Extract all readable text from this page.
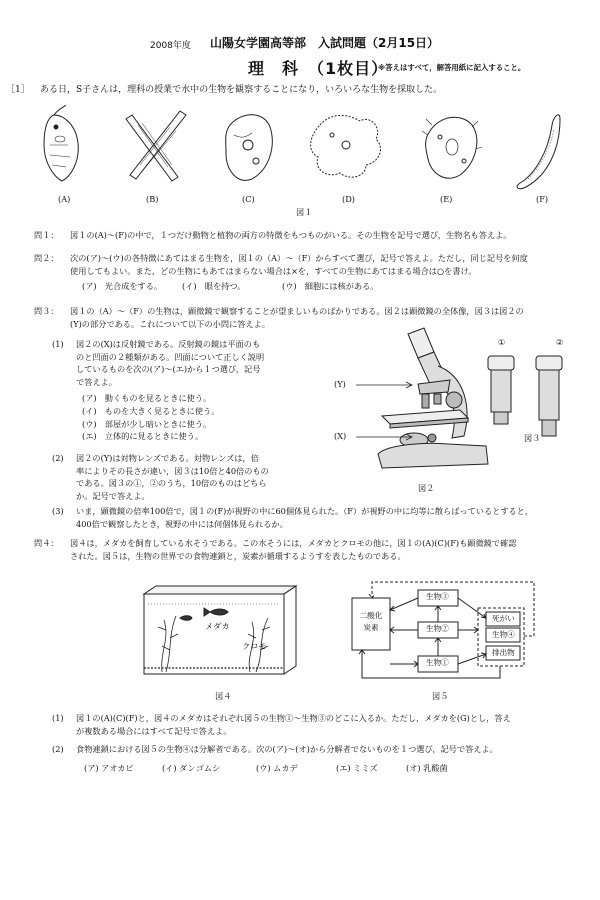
2008年度 山陽女学園高等部　入試問題（2月15日）
理　科　（1枚目）
※答えはすべて，解答用紙に記入すること。
［1］ ある日，S子さんは，理科の授業で水中の生物を観察することになり，いろいろな生物を採取した。
(A)	(B)	(C)	(D)	(E)	(F)
図１
問１： 図１の(A)～(F)の中で，１つだけ動物と植物の両方の特徴をもつものがいる。その生物を記号で選び，生物名も答えよ。
問２： 次の(ア)～(ウ)の各特徴にあてはまる生物を，図１の（A）～（F）からすべて選び，記号で答えよ。ただし，同じ記号を何度
使用してもよい。また，どの生物にもあてはまらない場合は×を，すべての生物にあてはまる場合は○を書け。
(ア)　光合成をする。	(イ)　眼を持つ。	(ウ)　細胞には核がある。
問３： 図１の（A）～（F）の生物は，顕微鏡で観察することが望ましいものばかりである。図２は顕微鏡の全体像，図３は図２の
(Y)の部分である。これについて以下の小問に答えよ。
(1) 図２の(X)は反射鏡である。反射鏡の鏡は平面のも
のと凹面の２種類がある。凹面について正しく説明
しているものを次の(ア)～(エ)から１つ選び，記号
で答えよ。
(ア)　動くものを見るときに使う。
(イ)　ものを大きく見るときに使う。
(ウ)　部屋が少し暗いときに使う。
(エ)　立体的に見るときに使う。
(2) 図２の(Y)は対物レンズである。対物レンズは，倍
率によりその長さが違い，図３は10倍と40倍のもの
である。図３の①，②のうち，10倍のものはどちら
か。記号で答えよ。
(Y)
(X)
図２
①	②
図３
(3) いま，顕微鏡の倍率100倍で，図１の(F)が視野の中に60個体見られた。（F）が視野の中に均等に散らばっているとすると，
400倍で観察したとき，視野の中には何個体見られるか。
問４： 図４は，メダカを飼育している水そうである。この水そうには，メダカとクロモの他に，図１の(A)(C)(F)も顕微鏡で確認
された。図５は，生物の世界での食物連鎖と，炭素が循環するようすを表したものである。
メダカ
クロモ
図４
二酸化
炭素
生物③
生物②
生物①
死がい
生物④
排出物
図５
(1) 図１の(A)(C)(F)と，図４のメダカはそれぞれ図５の生物①～生物③のどこに入るか。ただし，メダカを(G)とし，答え
が複数ある場合にはすべて記号で答えよ。
(2) 食物連鎖における図５の生物④は分解者である。次の(ア)～(オ)から分解者でないものを１つ選び，記号で答えよ。
(ア) アオカビ	(イ) ダンゴムシ	(ウ) ムカデ	(エ) ミミズ	(オ) 乳酸菌
